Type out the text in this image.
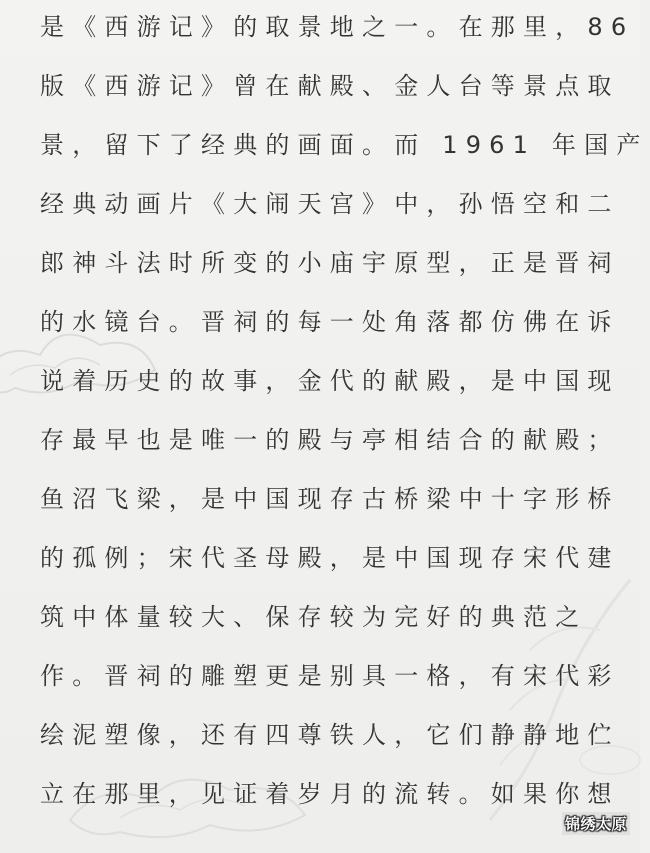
是《西游记》的取景地之一。在那里，86
版《西游记》曾在献殿、金人台等景点取
景，留下了经典的画面。而 1961 年国产
经典动画片《大闹天宫》中，孙悟空和二
郎神斗法时所变的小庙宇原型，正是晋祠
的水镜台。晋祠的每一处角落都仿佛在诉
说着历史的故事，金代的献殿，是中国现
存最早也是唯一的殿与亭相结合的献殿；
鱼沼飞梁，是中国现存古桥梁中十字形桥
的孤例；宋代圣母殿，是中国现存宋代建
筑中体量较大、保存较为完好的典范之
作。晋祠的雕塑更是别具一格，有宋代彩
绘泥塑像，还有四尊铁人，它们静静地伫
立在那里，见证着岁月的流转。如果你想
锦绣太原
